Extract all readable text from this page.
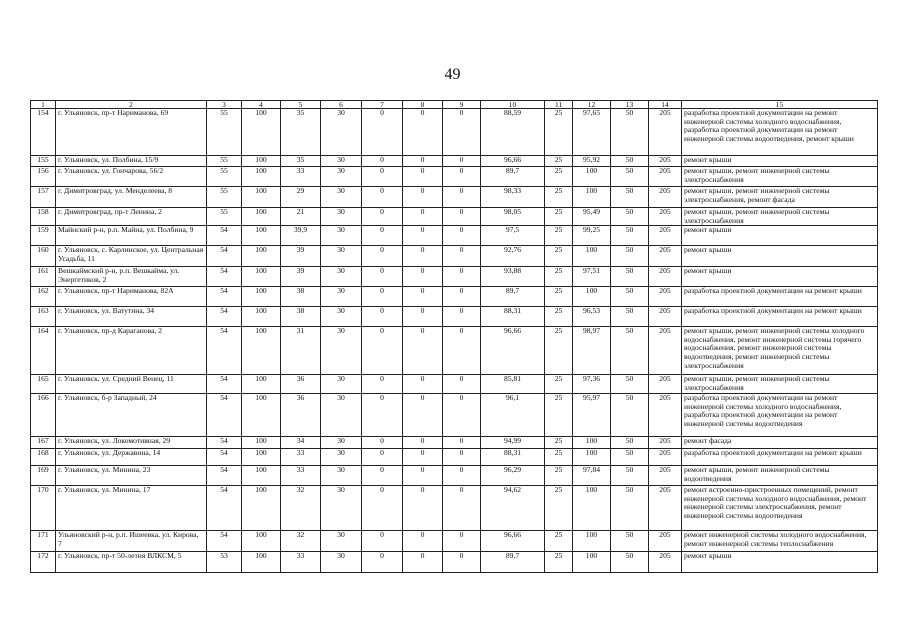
49
1	2	3	4	5	6	7	8	9	10	11	12	13	14	15
154	г. Ульяновск, пр-т Нариманова, 69	55	100	35	30	0	0	0	88,59	25	97,65	50	205	разработка проектной документации на ремонт инженерной системы холодного водоснабжения, разработка проектной документации на ремонт инженерной системы водоотведения, ремонт крыши
155	г. Ульяновск, ул. Полбина, 15/9	55	100	35	30	0	0	0	96,66	25	95,92	50	205	ремонт крыши
156	г. Ульяновск, ул. Гончарова, 56/2	55	100	33	30	0	0	0	89,7	25	100	50	205	ремонт крыши, ремонт инженерной системы электроснабжения
157	г. Димитровград, ул. Менделеева, 8	55	100	29	30	0	0	0	98,33	25	100	50	205	ремонт крыши, ремонт инженерной системы электроснабжения, ремонт фасада
158	г. Димитровград, пр-т Ленина, 2	55	100	21	30	0	0	0	98,05	25	95,49	50	205	ремонт крыши, ремонт инженерной системы электроснабжения
159	Майнский р-н, р.п. Майна, ул. Полбина, 9	54	100	39,9	30	0	0	0	97,5	25	99,25	50	205	ремонт крыши
160	г. Ульяновск, с. Карлинское, ул. Центральная Усадьба, 11	54	100	39	30	0	0	0	92,76	25	100	50	205	ремонт крыши
161	Вешкаймский р-н, р.п. Вешкайма, ул. Энергетиков, 2	54	100	39	30	0	0	0	93,88	25	97,51	50	205	ремонт крыши
162	г. Ульяновск, пр-т Нариманова, 82А	54	100	38	30	0	0	0	89,7	25	100	50	205	разработка проектной документации на ремонт крыши
163	г. Ульяновск, ул. Ватутина, 34	54	100	38	30	0	0	0	88,31	25	96,53	50	205	разработка проектной документации на ремонт крыши
164	г. Ульяновск, пр-д Караганова, 2	54	100	31	30	0	0	0	96,66	25	98,97	50	205	ремонт крыши, ремонт инженерной системы холодного водоснабжения, ремонт инженерной системы горячего водоснабжения, ремонт инженерной системы водоотведения, ремонт инженерной системы электроснабжения
165	г. Ульяновск, ул. Средний Венец, 11	54	100	36	30	0	0	0	85,81	25	97,36	50	205	ремонт крыши, ремонт инженерной системы электроснабжения
166	г. Ульяновск, б-р Западный, 24	54	100	36	30	0	0	0	96,1	25	95,97	50	205	разработка проектной документации на ремонт инженерной системы холодного водоснабжения, разработка проектной документации на ремонт инженерной системы водоотведения
167	г. Ульяновск, ул. Локомотивная, 29	54	100	34	30	0	0	0	94,99	25	100	50	205	ремонт фасада
168	г. Ульяновск, ул. Державина, 14	54	100	33	30	0	0	0	88,31	25	100	50	205	разработка проектной документации на ремонт крыши
169	г. Ульяновск, ул. Минина, 23	54	100	33	30	0	0	0	96,29	25	97,84	50	205	ремонт крыши, ремонт инженерной системы водоотведения
170	г. Ульяновск, ул. Минина, 17	54	100	32	30	0	0	0	94,62	25	100	50	205	ремонт встроенно-пристроенных помещений, ремонт инженерной системы холодного водоснабжения, ремонт инженерной системы электроснабжения, ремонт инженерной системы водоотведения
171	Ульяновский р-н, р.п. Ишеевка, ул. Кирова, 7	54	100	32	30	0	0	0	96,66	25	100	50	205	ремонт инженерной системы холодного водоснабжения, ремонт инженерной системы теплоснабжения
172	г. Ульяновск, пр-т 50-летия ВЛКСМ, 5	53	100	33	30	0	0	0	89,7	25	100	50	205	ремонт крыши
